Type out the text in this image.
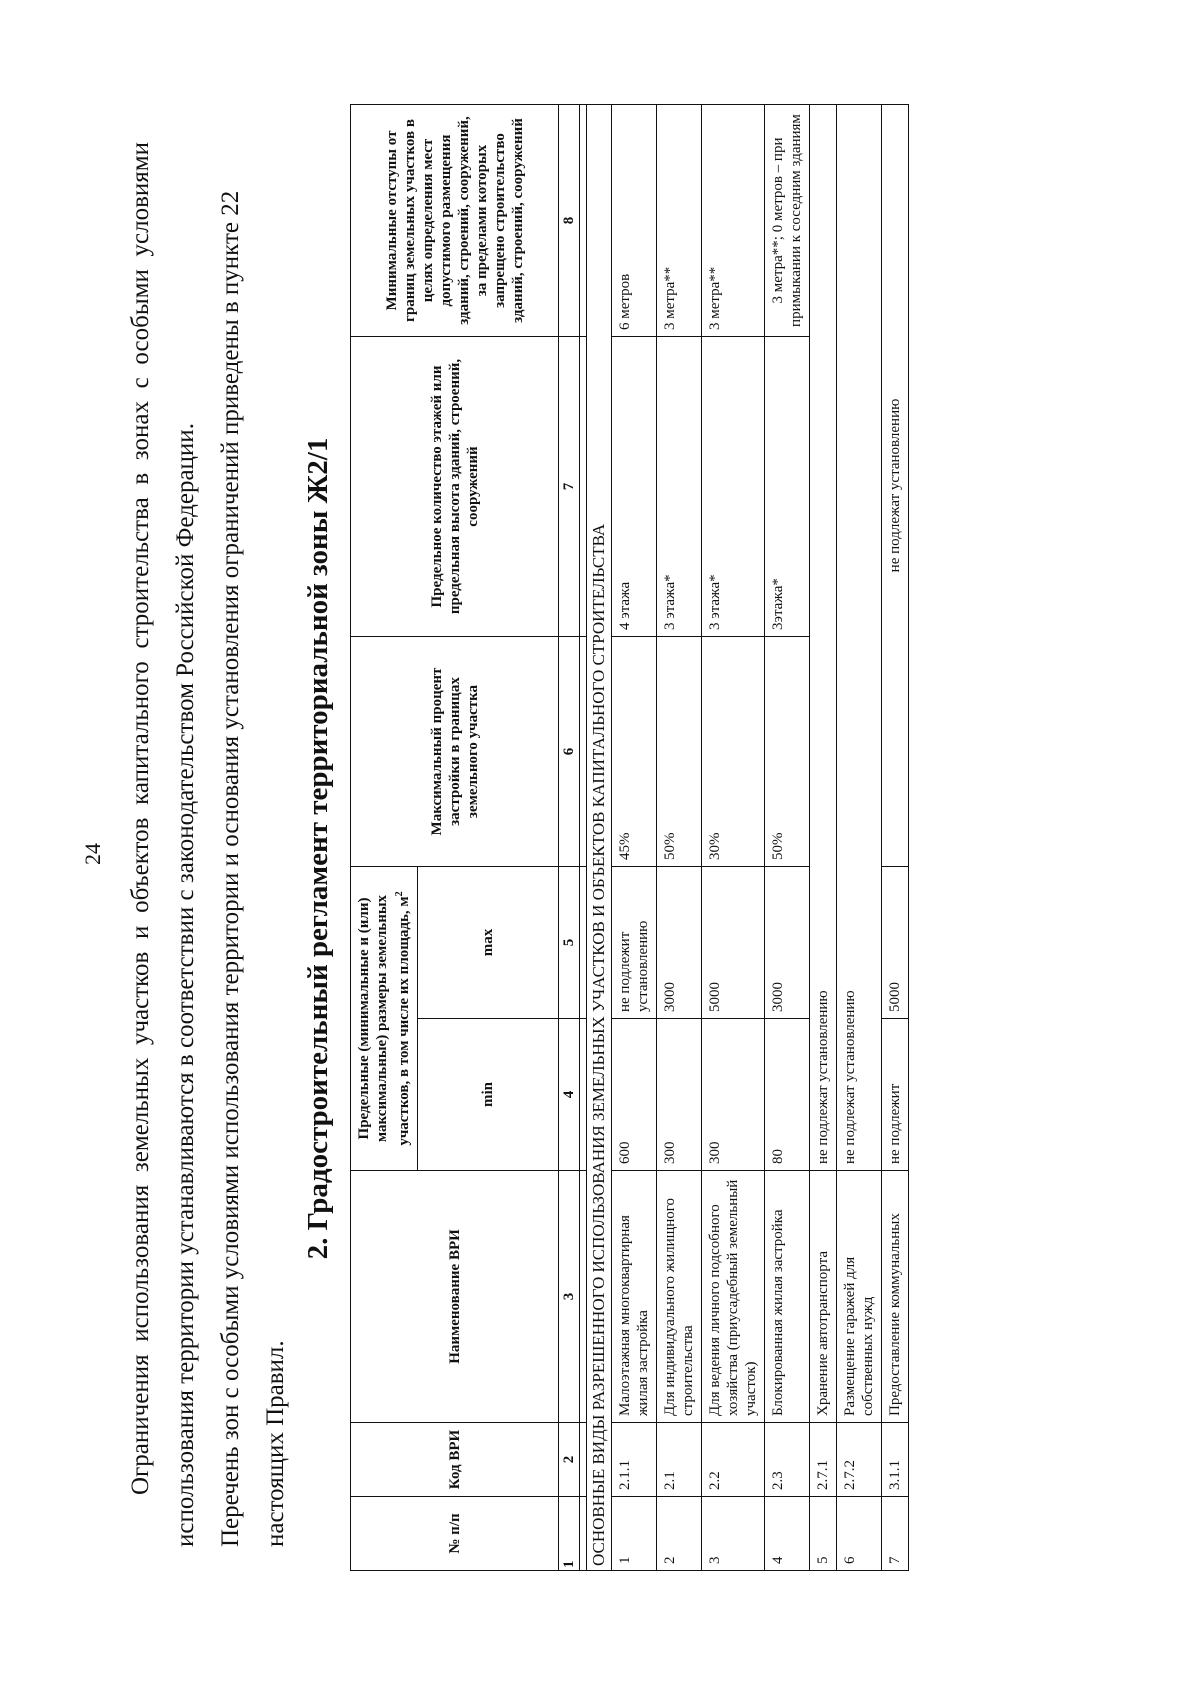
24 Ограничения использования земельных участков и объектов капитального строительства в зонах с особыми условиями использования территории устанавливаются в соответствии с законодательством Российской Федерации. Перечень зон с особыми условиями использования территории и основания установления ограничений приведены в пункте 22 настоящих Правил.
2. Градостроительный регламент территориальной зоны Ж2/1
№ п/п	Код ВРИ	Наименование ВРИ	Предельные (минимальные и (или) максимальные) размеры земельных участков, в том числе их площадь, $м^2$		Максимальный процент застройки в границах земельного участка	Предельное количество этажей или предельная высота зданий, строений, сооружений	Минимальные отступы от границ земельных участков в целях определения мест допустимого размещения зданий, строений, сооружений, за пределами которых запрещено строительство зданий, строений, сооружений
			min	max			
1	2	3	4	5	6	7	8

ОСНОВНЫЕ ВИДЫ РАЗРЕШЕННОГО ИСПОЛЬЗОВАНИЯ ЗЕМЕЛЬНЫХ УЧАСТКОВ И ОБЪЕКТОВ КАПИТАЛЬНОГО СТРОИТЕЛЬСТВА							
1	2.1.1	Малоэтажная многоквартирная жилая застройка	600	не подлежит установлению	45%	4 этажа	6 метров
2	2.1	Для индивидуального жилищного строительства	300	3000	50%	3 этажа*	3 метра**
3	2.2	Для ведения личного подсобного хозяйства (приусадебный земельный участок)	300	5000	30%	3 этажа*	3 метра**
4	2.3	Блокированная жилая застройка	80	3000	50%	3этажа*	3 метра**; 0 метров – при примыкании к соседним зданиям
5	2.7.1	Хранение автотранспорта	не подлежат установлению				
6	2.7.2	Размещение гаражей для собственных нужд	не подлежат установлению				
7	3.1.1	Предоставление коммунальных	не подлежит	5000	не подлежат установлению		
